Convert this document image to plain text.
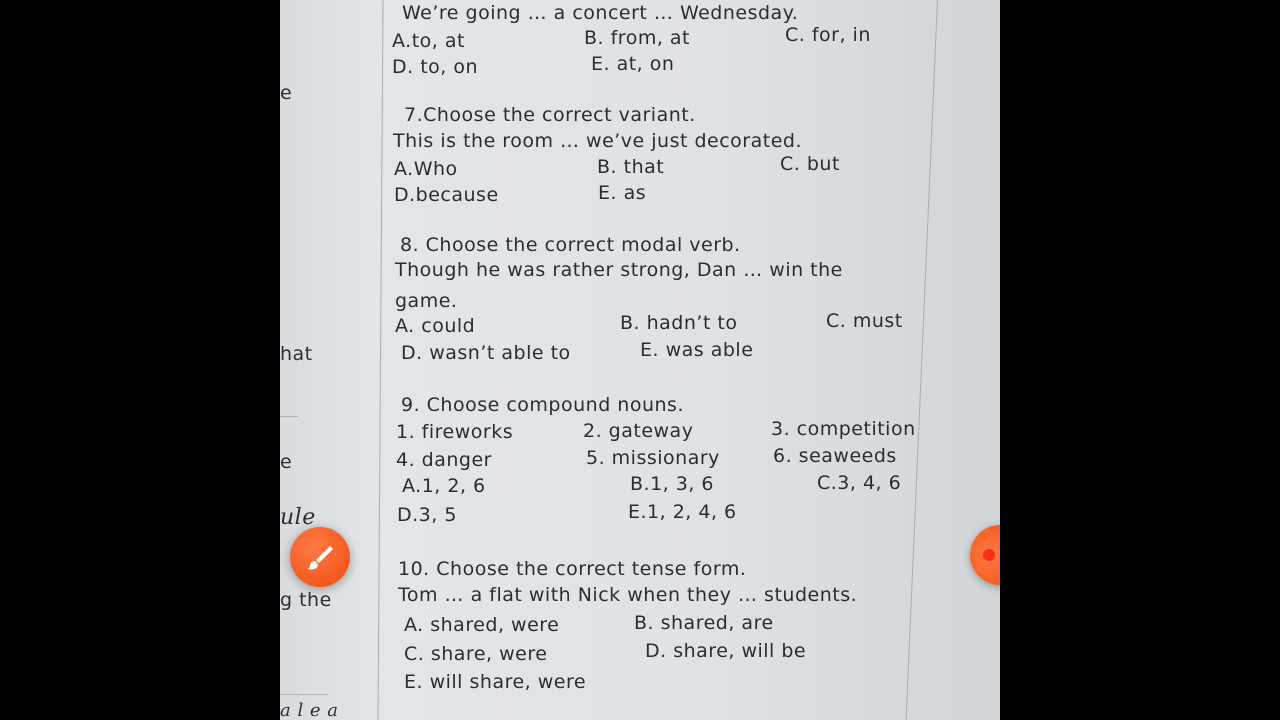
e
hat
e
ule
g the
a l e a
We’re going … a concert … Wednesday.
A.to, at	B. from, at	C. for, in
D. to, on	E. at, on
7.Choose the correct variant.
This is the room … we’ve just decorated.
A.Who	B. that	C. but
D.because	E. as
8. Choose the correct modal verb.
Though he was rather strong, Dan … win the
game.
A. could	B. hadn’t to	C. must
D. wasn’t able to	E. was able
9. Choose compound nouns.
1. fireworks	2. gateway	3. competition
4. danger	5. missionary	6. seaweeds
A.1, 2, 6	B.1, 3, 6	C.3, 4, 6
D.3, 5	E.1, 2, 4, 6
10. Choose the correct tense form.
Tom … a flat with Nick when they … students.
A. shared, were	B. shared, are
C. share, were	D. share, will be
E. will share, were
